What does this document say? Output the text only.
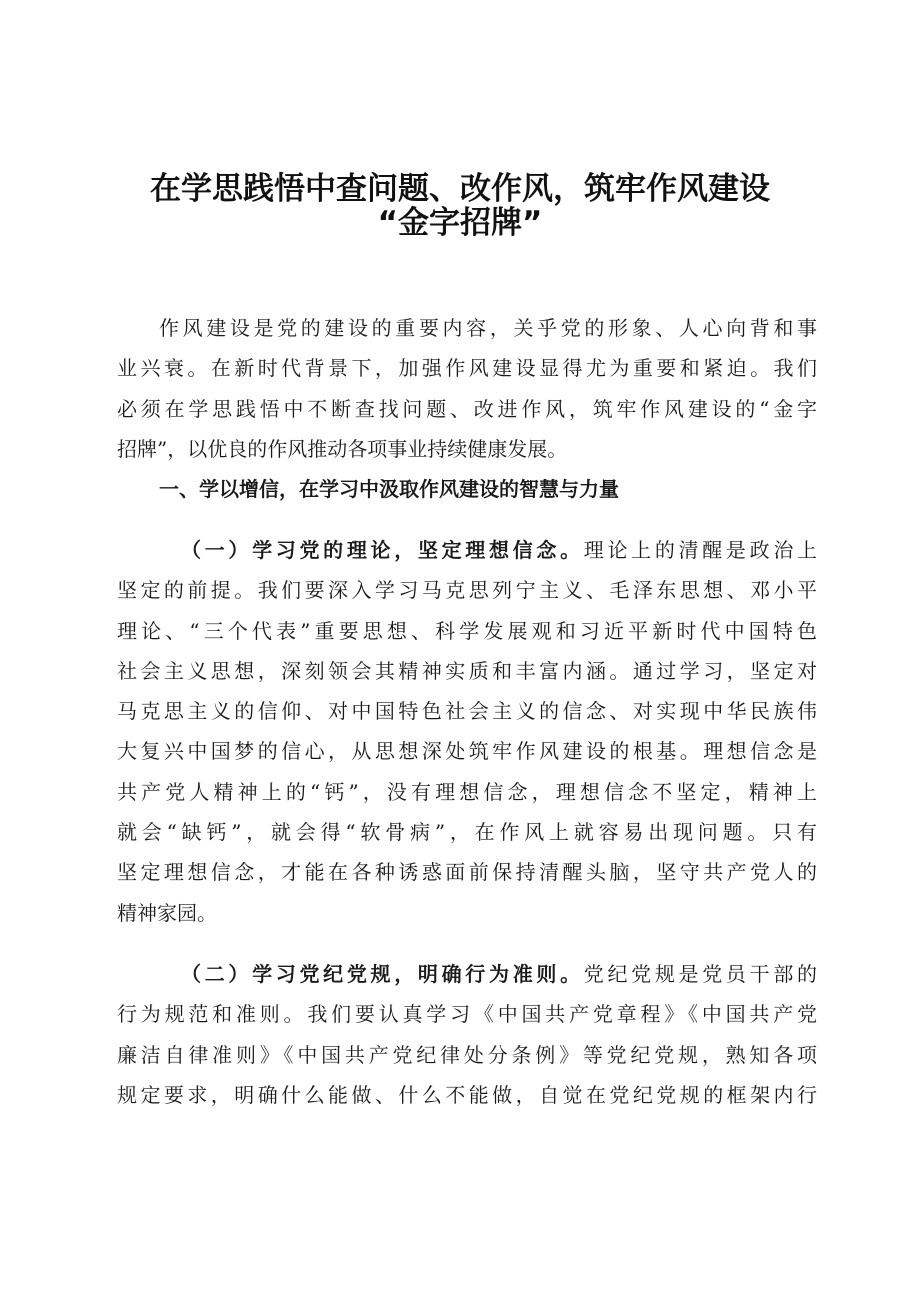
在学思践悟中查问题、改作风，筑牢作风建设
“金字招牌”
作风建设是党的建设的重要内容，关乎党的形象、人心向背和事
业兴衰。在新时代背景下，加强作风建设显得尤为重要和紧迫。我们
必须在学思践悟中不断查找问题、改进作风，筑牢作风建设的“金字
招牌”，以优良的作风推动各项事业持续健康发展。
一、学以增信，在学习中汲取作风建设的智慧与力量
（一）学习党的理论，坚定理想信念。理论上的清醒是政治上
坚定的前提。我们要深入学习马克思列宁主义、毛泽东思想、邓小平
理论、“三个代表”重要思想、科学发展观和习近平新时代中国特色
社会主义思想，深刻领会其精神实质和丰富内涵。通过学习，坚定对
马克思主义的信仰、对中国特色社会主义的信念、对实现中华民族伟
大复兴中国梦的信心，从思想深处筑牢作风建设的根基。理想信念是
共产党人精神上的“钙”，没有理想信念，理想信念不坚定，精神上
就会“缺钙”，就会得“软骨病”，在作风上就容易出现问题。只有
坚定理想信念，才能在各种诱惑面前保持清醒头脑，坚守共产党人的
精神家园。
（二）学习党纪党规，明确行为准则。党纪党规是党员干部的
行为规范和准则。我们要认真学习《中国共产党章程》《中国共产党
廉洁自律准则》《中国共产党纪律处分条例》等党纪党规，熟知各项
规定要求，明确什么能做、什么不能做，自觉在党纪党规的框架内行
